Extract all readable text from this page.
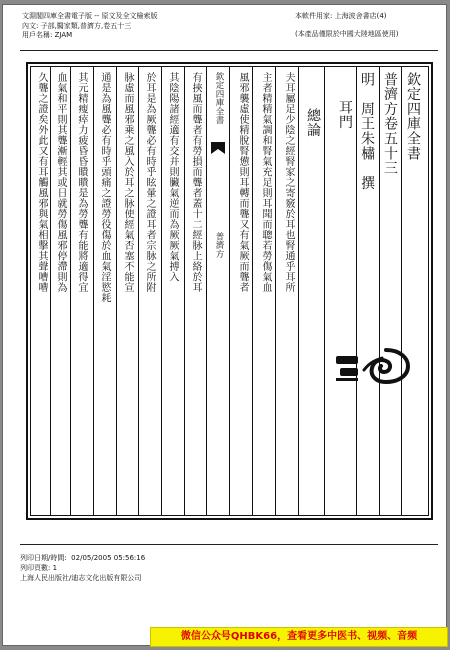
文淵閣四庫全書電子版 -- 原文及全文檢索版
內文: 子部,醫家類,普濟方,卷五十三
用戶名稱: ZJAM
本軟件用家: 上海波舍書店(4)
(本產品僅限於中國大陸地區使用)
欽定四庫全書
普濟方卷五十三
明　周王朱橚　撰
耳門
總論
夫耳屬足少陰之經腎家之寄竅於耳也腎通乎耳所
主者精精氣調和腎氣充足則耳聞而聰若勞傷氣血
風邪襲虛使精脫腎憊則耳轉而聾又有氣厥而聾者
欽定四庫全書
普濟方
有挾風而聾者有勞損而聾者蓋十二經脉上絡於耳
其陰陽諸經適有交并則臟氣逆而為厥厥氣搏入
於耳是為厥聾必有時乎眩暈之證耳者宗脉之所附
脉虛而風邪乘之風入於耳之脉使經氣否塞不能宣
通是為風聾必有時乎頭痛之證勞役傷於血氣淫慾耗
其元精瘦瘁力疲昏昏瞶瞶是為勞聾有能將適得宜
血氣和平則其聾漸輕其或日就勞傷風邪停滯則為
久聾之證矣外此又有耳觸風邪與氣相擊其聲嘈嘈
列印日期/時間: 02/05/2005 05:56:16
列印頁數: 1
上海人民出版社/迪志文化出版有限公司
微信公众号QHBK66，查看更多中医书、视频、音频
